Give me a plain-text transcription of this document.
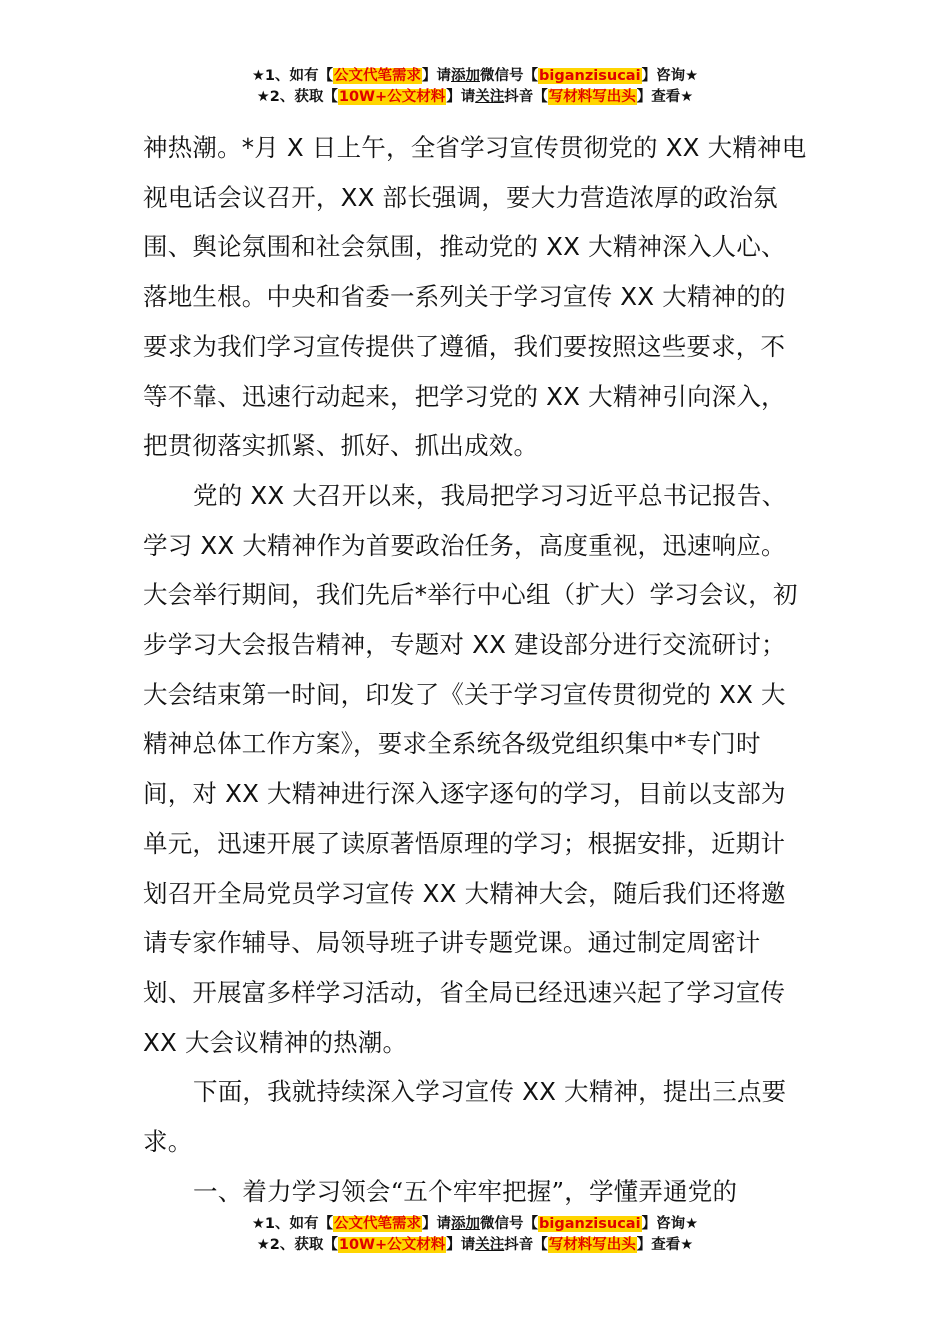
★1、如有【公文代笔需求】请添加微信号【biganzisucai】咨询★
★2、获取【10W+公文材料】请关注抖音【写材料写出头】查看★

神热潮。*月 X 日上午，全省学习宣传贯彻党的 XX 大精神电视电话会议召开，XX 部长强调，要大力营造浓厚的政治氛围、舆论氛围和社会氛围，推动党的 XX 大精神深入人心、落地生根。中央和省委一系列关于学习宣传 XX 大精神的的要求为我们学习宣传提供了遵循，我们要按照这些要求，不等不靠、迅速行动起来，把学习党的 XX 大精神引向深入，把贯彻落实抓紧、抓好、抓出成效。

党的 XX 大召开以来，我局把学习习近平总书记报告、学习 XX 大精神作为首要政治任务，高度重视，迅速响应。大会举行期间，我们先后*举行中心组（扩大）学习会议，初步学习大会报告精神，专题对 XX 建设部分进行交流研讨；大会结束第一时间，印发了《关于学习宣传贯彻党的 XX 大精神总体工作方案》，要求全系统各级党组织集中*专门时间，对 XX 大精神进行深入逐字逐句的学习，目前以支部为单元，迅速开展了读原著悟原理的学习；根据安排，近期计划召开全局党员学习宣传 XX 大精神大会，随后我们还将邀请专家作辅导、局领导班子讲专题党课。通过制定周密计划、开展富多样学习活动，省全局已经迅速兴起了学习宣传 XX 大会议精神的热潮。

下面，我就持续深入学习宣传 XX 大精神，提出三点要求。

一、着力学习领会“五个牢牢把握”，学懂弄通党的

★1、如有【公文代笔需求】请添加微信号【biganzisucai】咨询★
★2、获取【10W+公文材料】请关注抖音【写材料写出头】查看★
